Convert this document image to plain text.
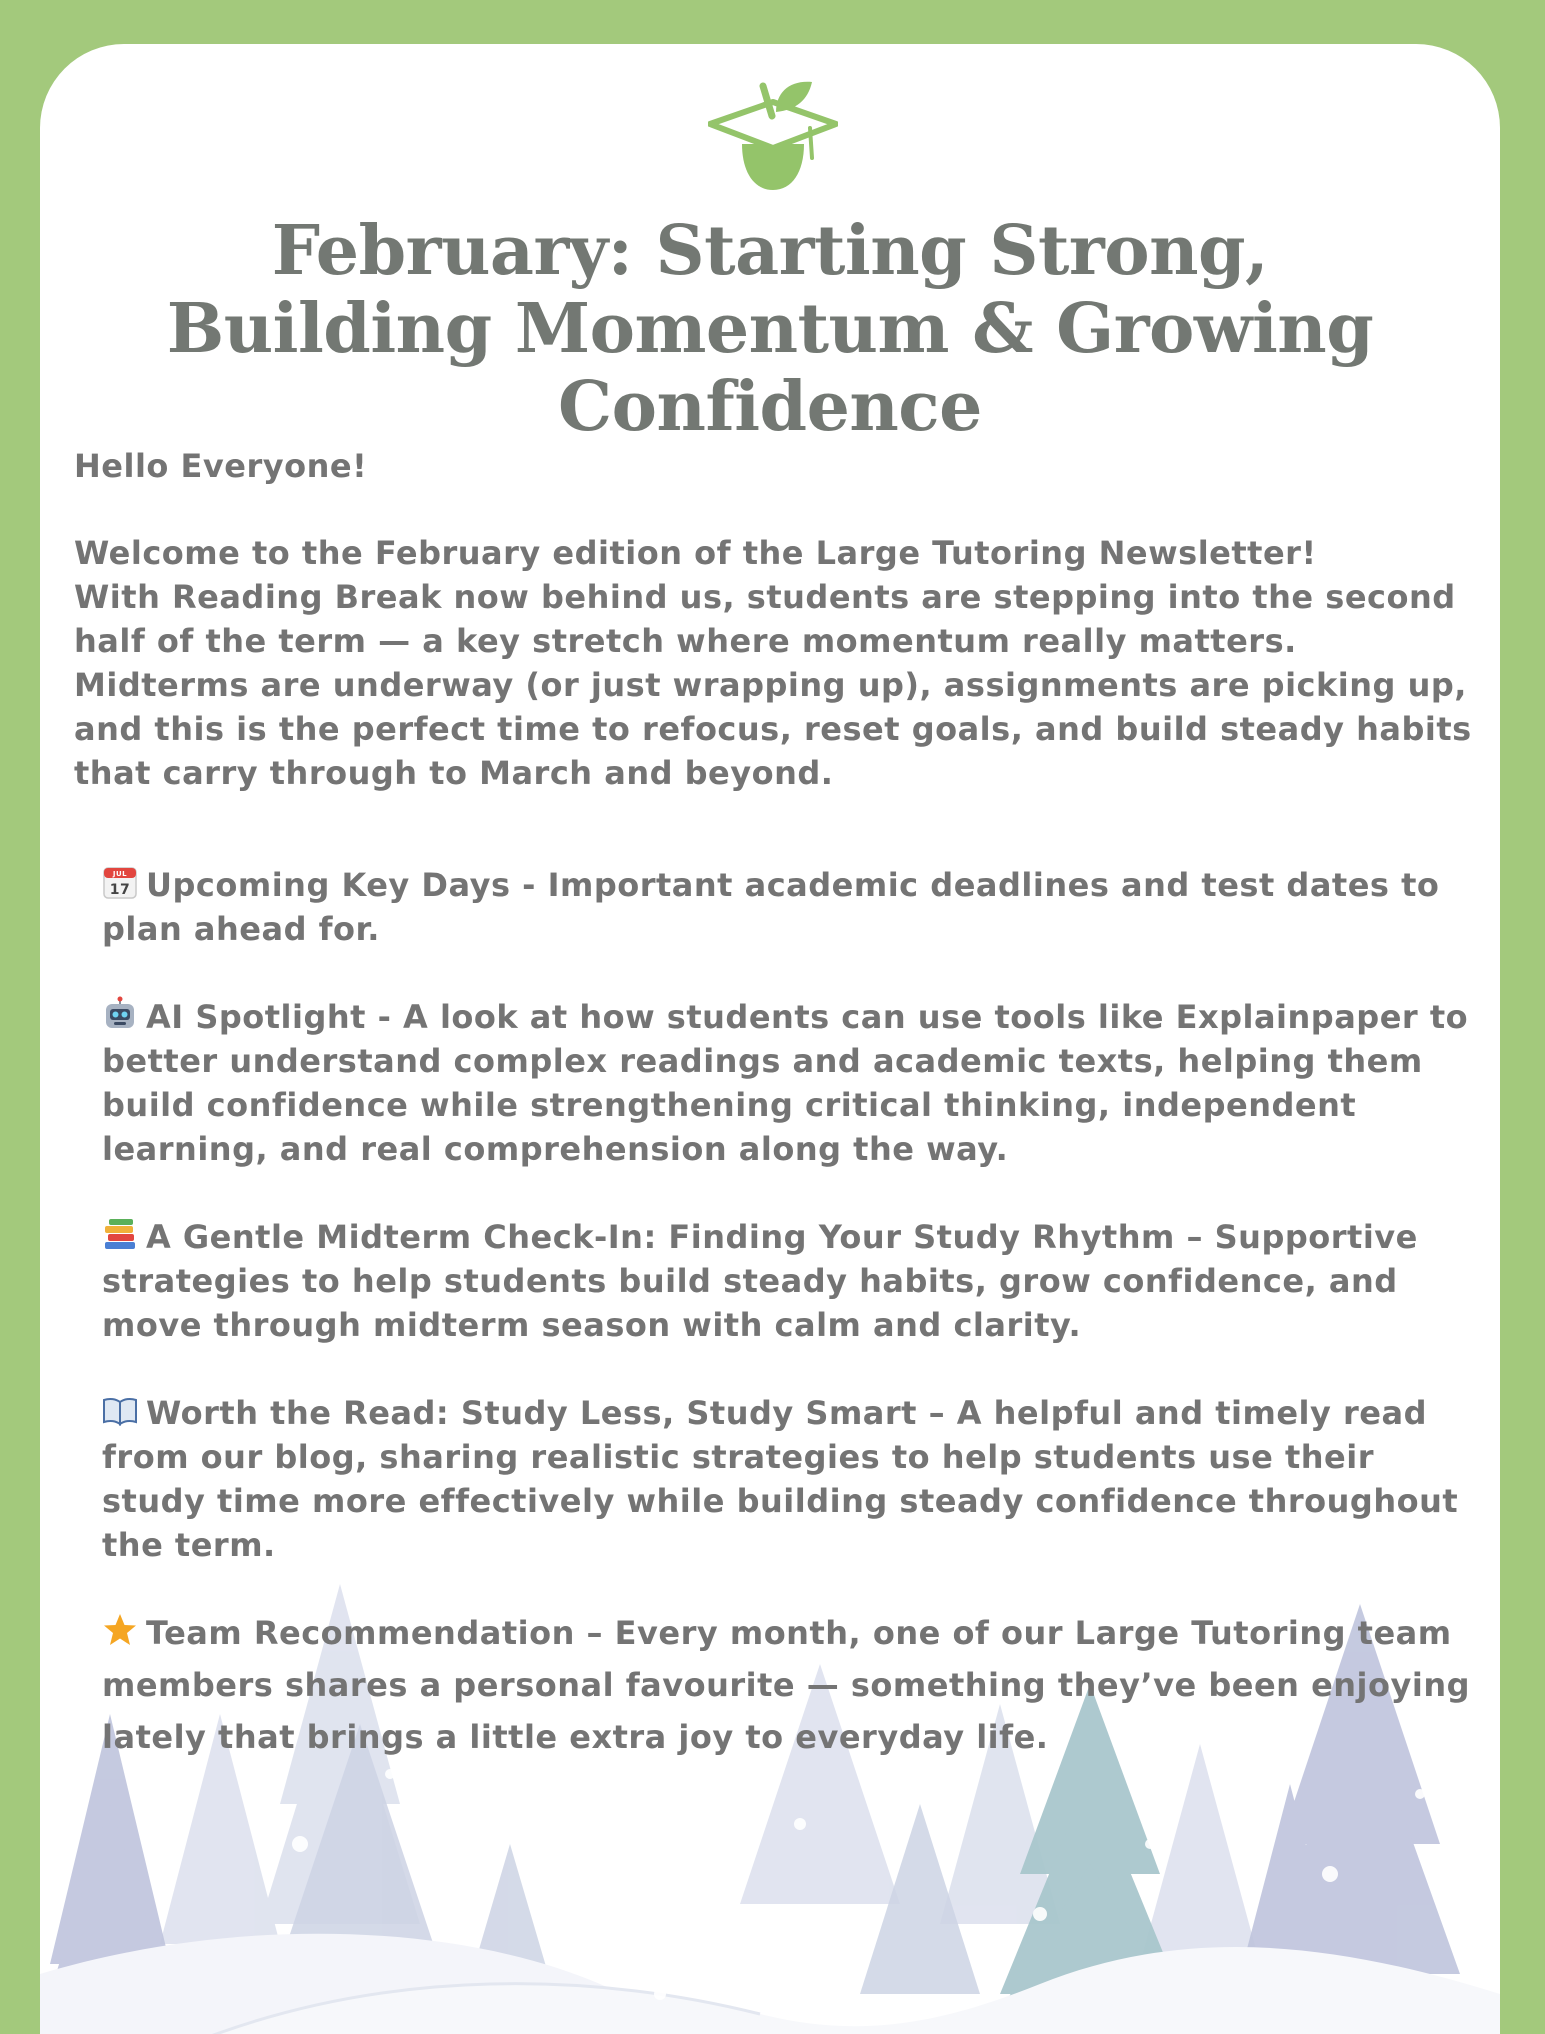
February: Starting Strong,
Building Momentum & Growing
Confidence

Hello Everyone!

Welcome to the February edition of the Large Tutoring Newsletter!

With Reading Break now behind us, students are stepping into the second half of the term — a key stretch where momentum really matters. Midterms are underway (or just wrapping up), assignments are picking up, and this is the perfect time to refocus, reset goals, and build steady habits that carry through to March and beyond.

JUL
17 Upcoming Key Days - Important academic deadlines and test dates to plan ahead for.
AI Spotlight - A look at how students can use tools like Explainpaper to better understand complex readings and academic texts, helping them build confidence while strengthening critical thinking, independent learning, and real comprehension along the way.
A Gentle Midterm Check-In: Finding Your Study Rhythm – Supportive strategies to help students build steady habits, grow confidence, and move through midterm season with calm and clarity.
Worth the Read: Study Less, Study Smart – A helpful and timely read from our blog, sharing realistic strategies to help students use their study time more effectively while building steady confidence throughout the term.
Team Recommendation – Every month, one of our Large Tutoring team members shares a personal favourite — something they’ve been enjoying lately that brings a little extra joy to everyday life.
